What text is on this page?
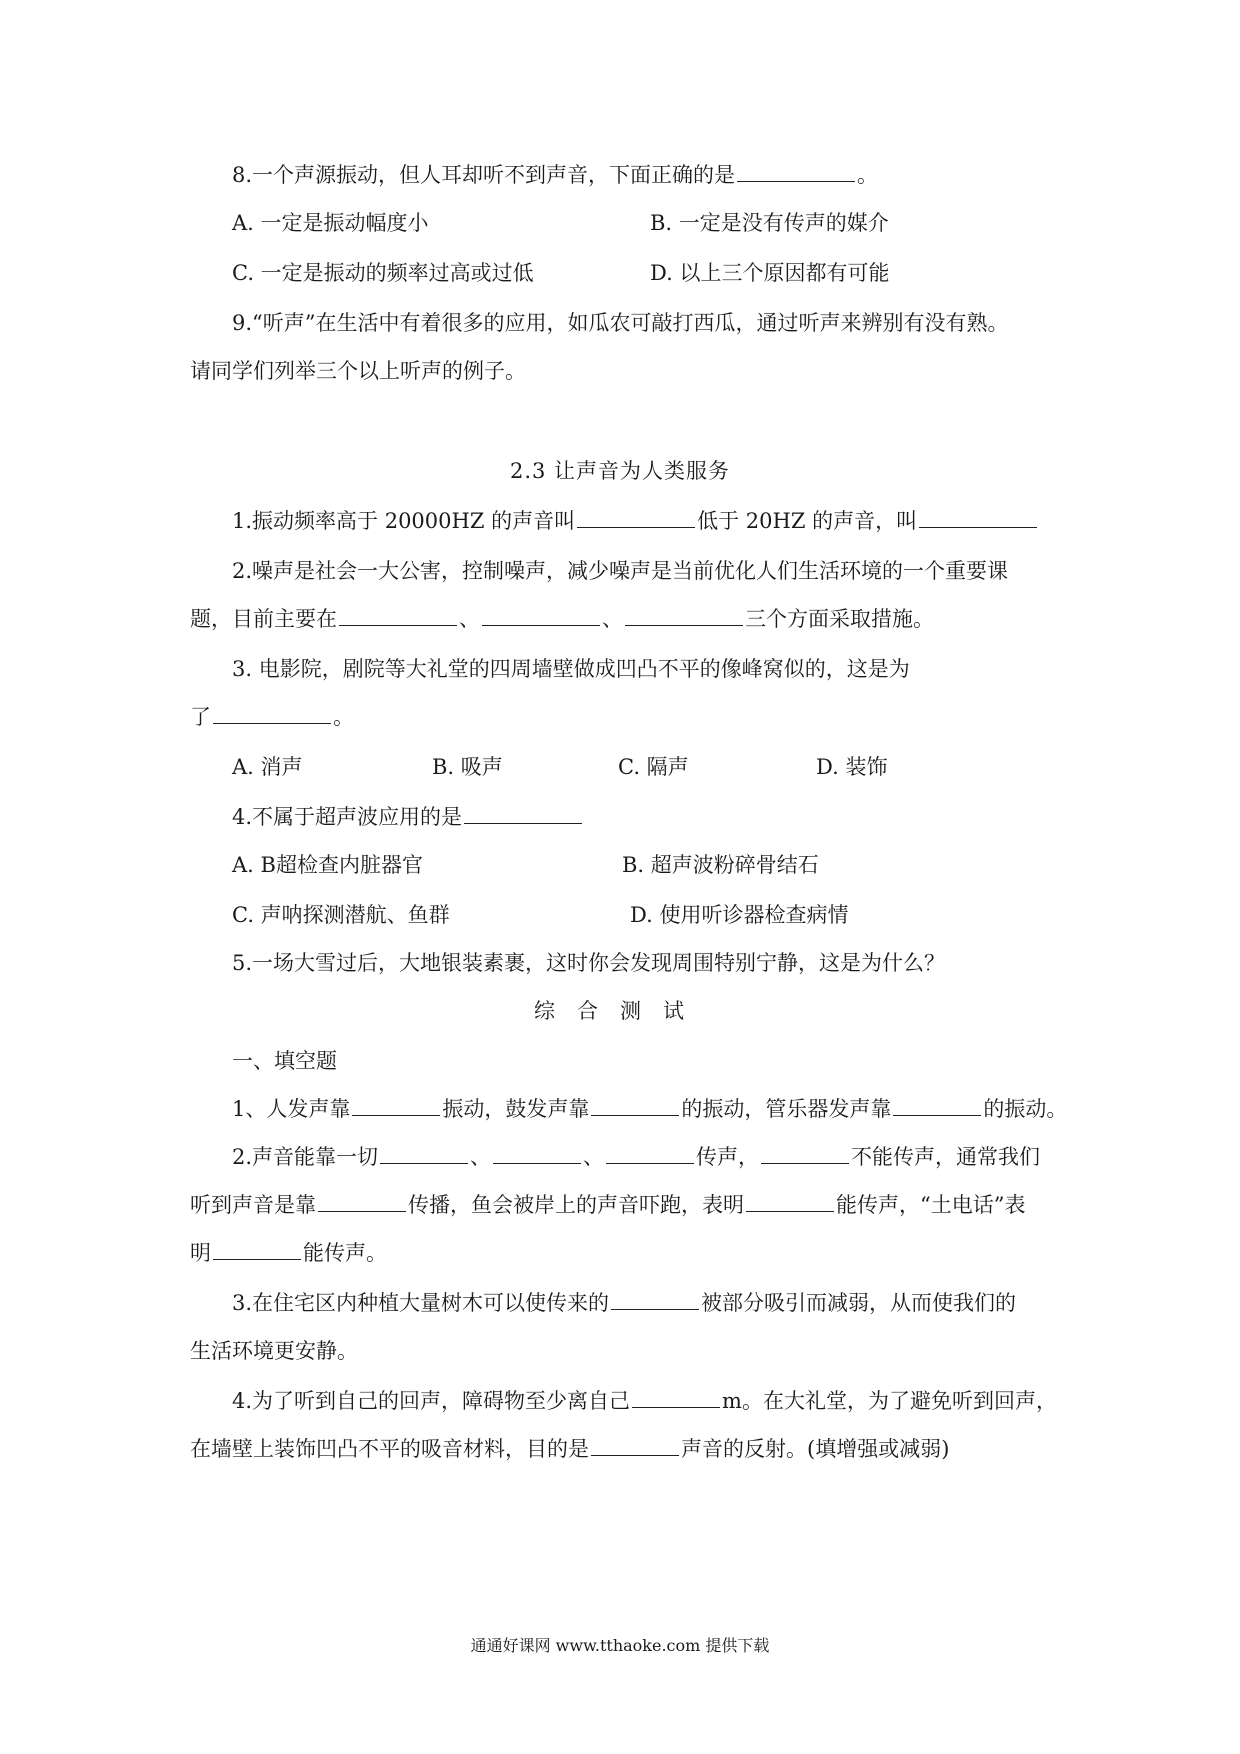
8.一个声源振动，但人耳却听不到声音，下面正确的是	。
A. 一定是振动幅度小	B. 一定是没有传声的媒介
C. 一定是振动的频率过高或过低	D. 以上三个原因都有可能
9.“听声”在生活中有着很多的应用，如瓜农可敲打西瓜，通过听声来辨别有没有熟。
请同学们列举三个以上听声的例子。
2.3 让声音为人类服务
1.振动频率高于 20000HZ 的声音叫	低于 20HZ 的声音，叫
2.噪声是社会一大公害，控制噪声，减少噪声是当前优化人们生活环境的一个重要课
题，目前主要在	、	、	三个方面采取措施。
3. 电影院，剧院等大礼堂的四周墙壁做成凹凸不平的像峰窝似的，这是为
了	。
A. 消声	B. 吸声	C. 隔声	D. 装饰
4.不属于超声波应用的是
A. B超检查内脏器官	B. 超声波粉碎骨结石
C. 声呐探测潜航、鱼群	D. 使用听诊器检查病情
5.一场大雪过后，大地银装素裹，这时你会发现周围特别宁静，这是为什么？
综合测试
一、填空题
1、人发声靠	振动，鼓发声靠	的振动，管乐器发声靠	的振动。
2.声音能靠一切	、	、	传声，	不能传声，通常我们
听到声音是靠	传播，鱼会被岸上的声音吓跑，表明	能传声，“土电话”表
明	能传声。
3.在住宅区内种植大量树木可以使传来的	被部分吸引而减弱，从而使我们的
生活环境更安静。
4.为了听到自己的回声，障碍物至少离自己	m。在大礼堂，为了避免听到回声，
在墙壁上装饰凹凸不平的吸音材料，目的是	声音的反射。(填增强或减弱)
通通好课网 www.tthaoke.com 提供下载
